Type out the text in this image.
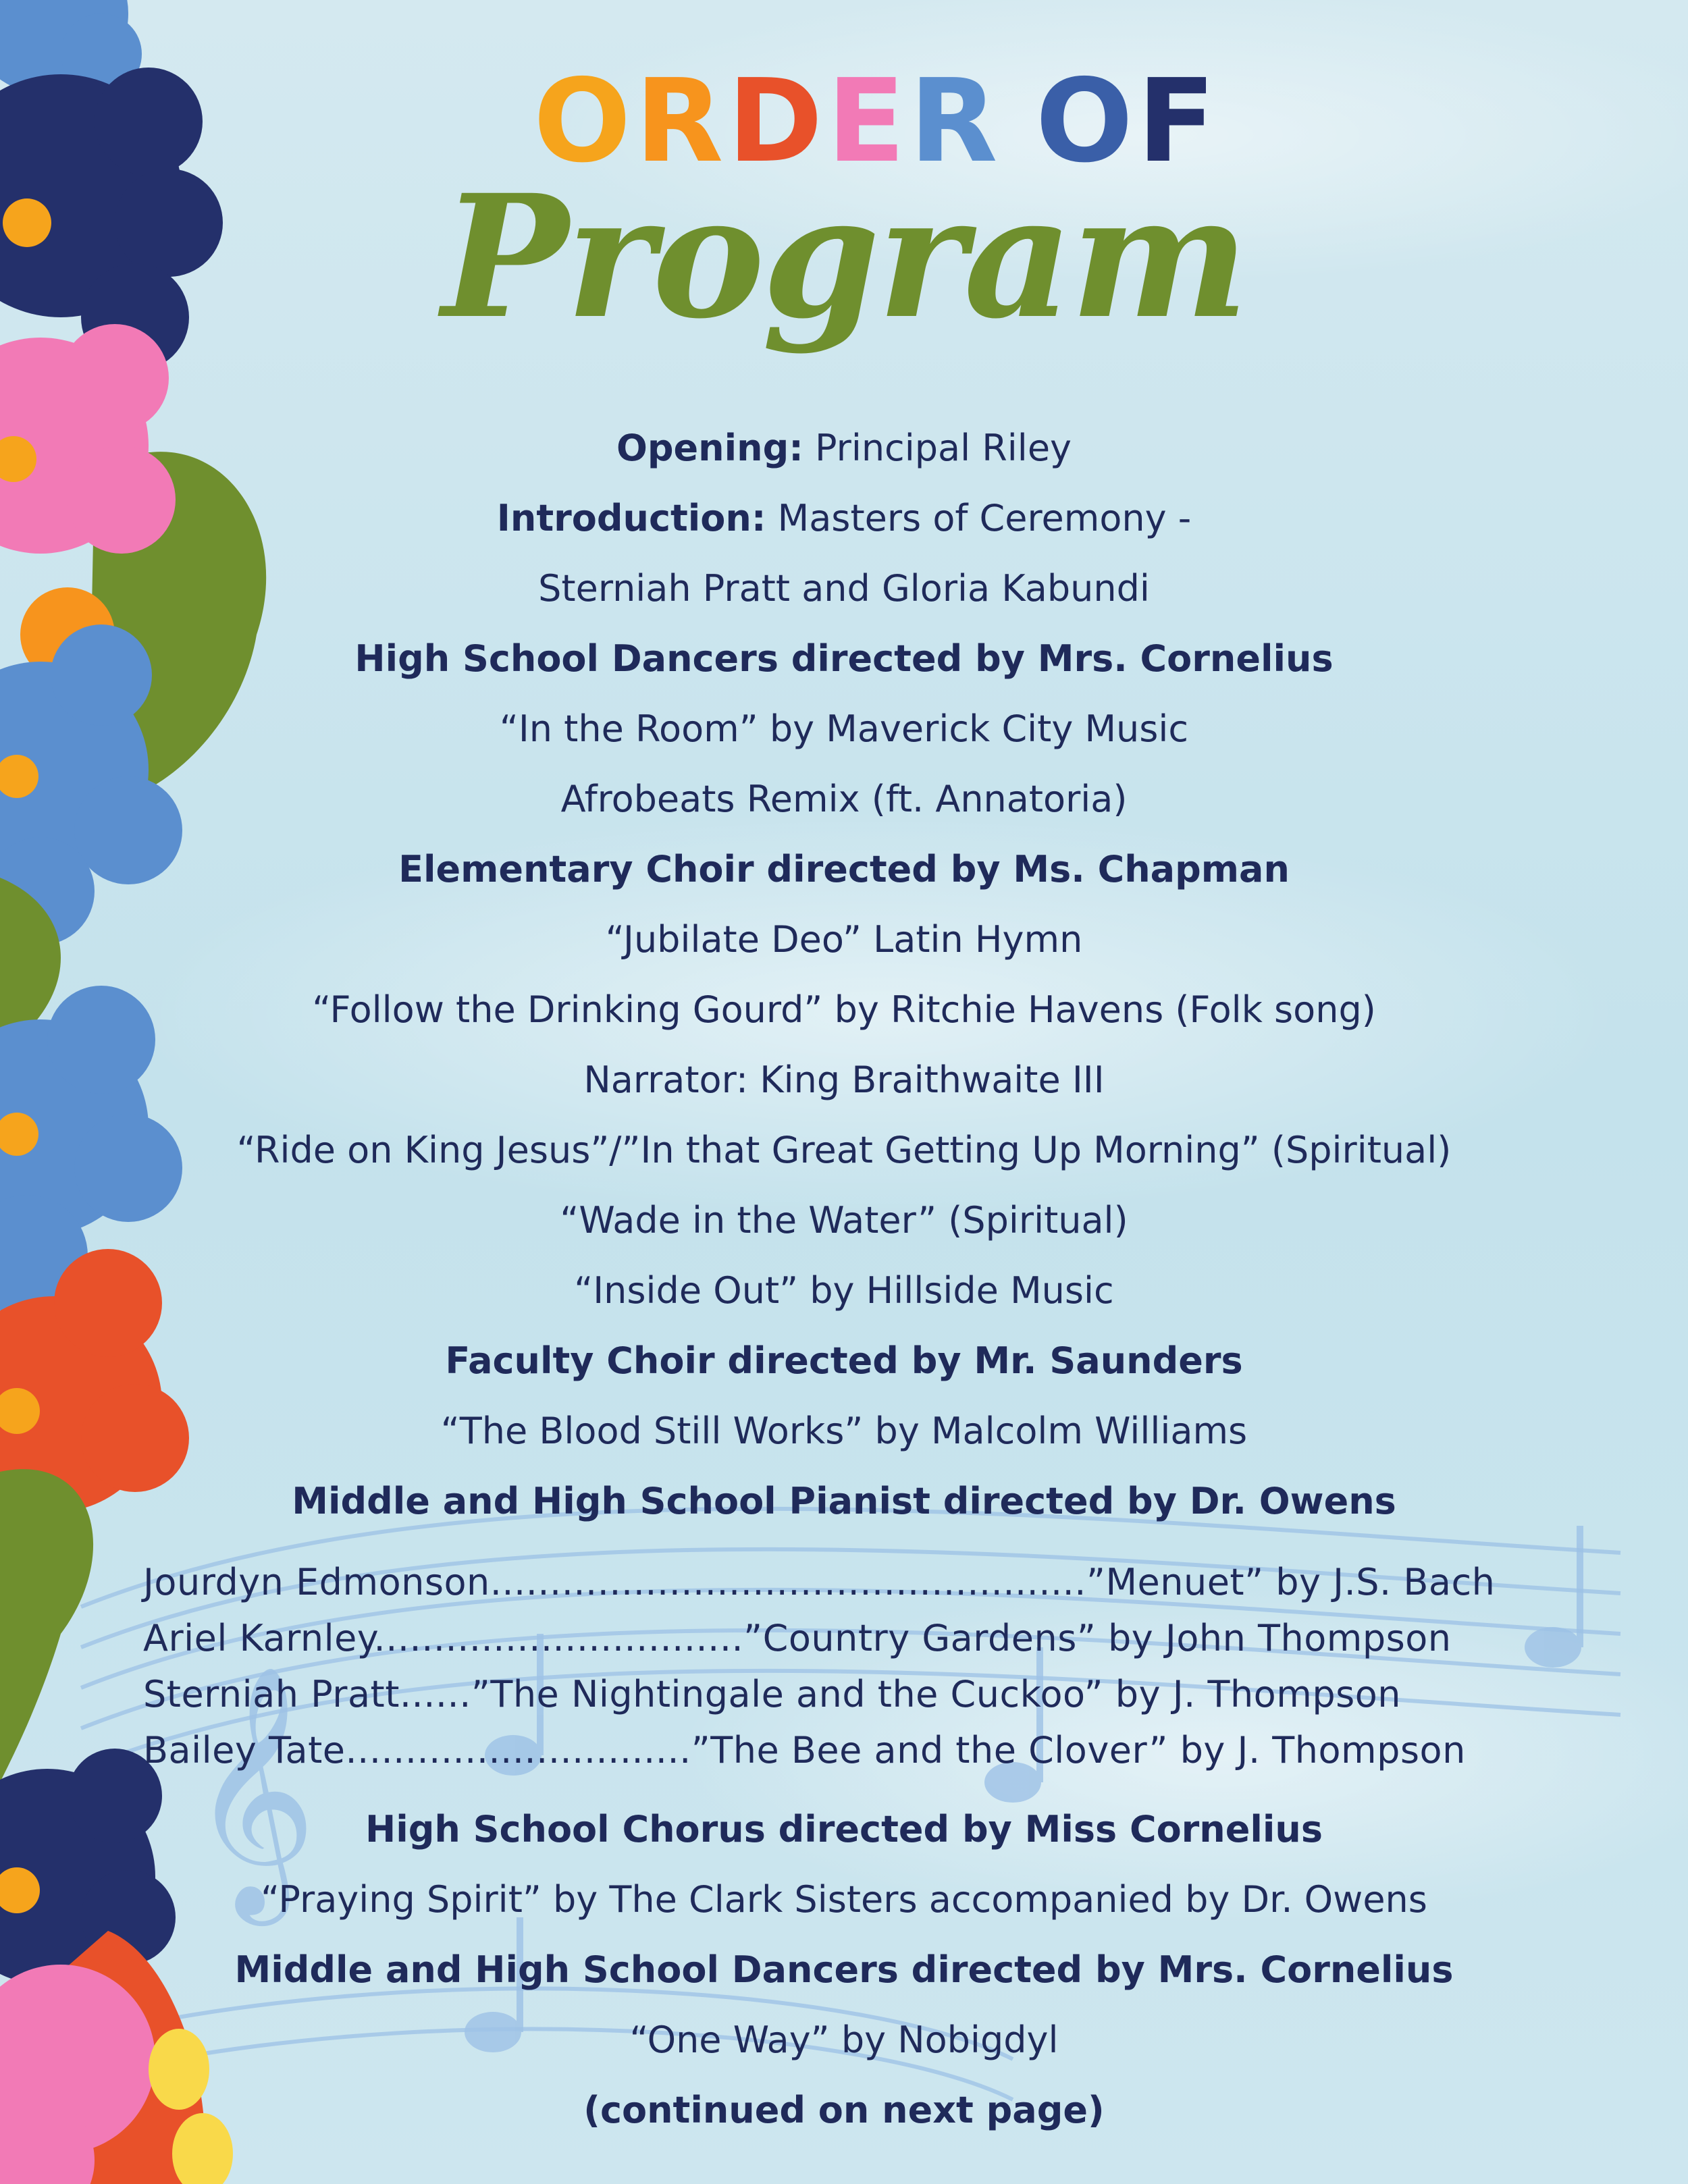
𝄞
ORDER OF
Program
Opening: Principal Riley
Introduction: Masters of Ceremony -
Sterniah Pratt and Gloria Kabundi
High School Dancers directed by Mrs. Cornelius
“In the Room” by Maverick City Music
Afrobeats Remix (ft. Annatoria)
Elementary Choir directed by Ms. Chapman
“Jubilate Deo” Latin Hymn
“Follow the Drinking Gourd” by Ritchie Havens (Folk song)
Narrator: King Braithwaite III
“Ride on King Jesus”/”In that Great Getting Up Morning” (Spiritual)
“Wade in the Water” (Spiritual)
“Inside Out” by Hillside Music
Faculty Choir directed by Mr. Saunders
“The Blood Still Works” by Malcolm Williams
Middle and High School Pianist directed by Dr. Owens
Jourdyn Edmonson..................................................”Menuet” by J.S. Bach
Ariel Karnley...............................”Country Gardens” by John Thompson
Sterniah Pratt......”The Nightingale and the Cuckoo” by J. Thompson
Bailey Tate.............................”The Bee and the Clover” by J. Thompson
High School Chorus directed by Miss Cornelius
“Praying Spirit” by The Clark Sisters accompanied by Dr. Owens
Middle and High School Dancers directed by Mrs. Cornelius
“One Way” by Nobigdyl
(continued on next page)
